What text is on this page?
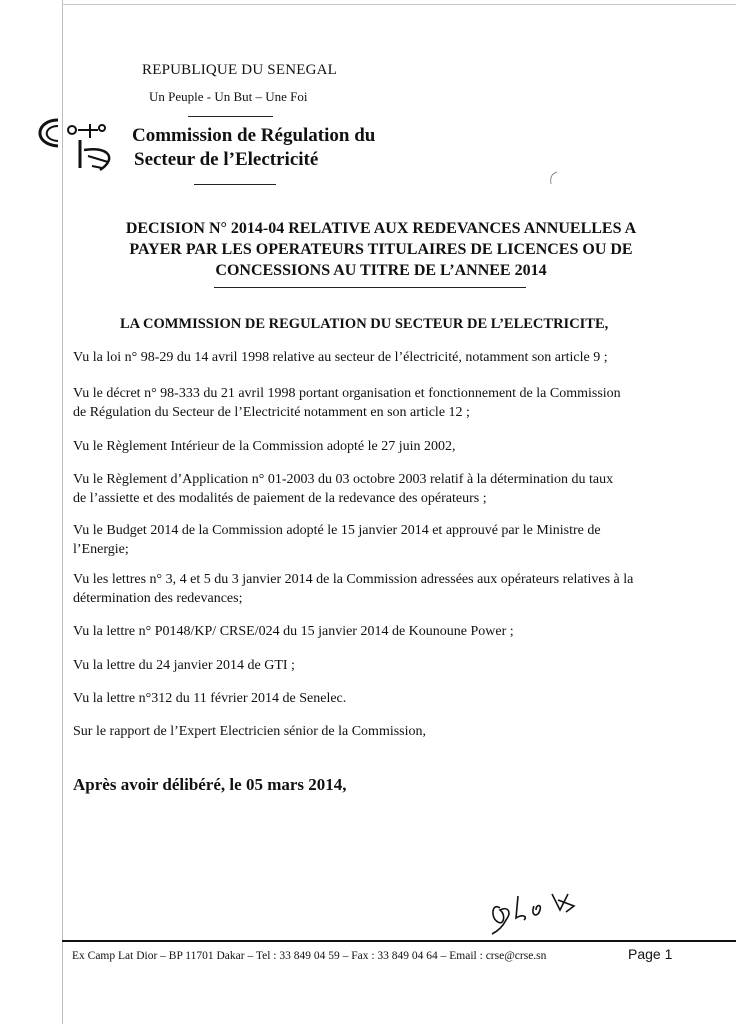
REPUBLIQUE DU SENEGAL
Un Peuple - Un But – Une Foi
Commission de Régulation du
Secteur de l’Electricité
DECISION N° 2014-04 RELATIVE AUX REDEVANCES ANNUELLES A
PAYER PAR LES OPERATEURS TITULAIRES DE LICENCES OU DE
CONCESSIONS AU TITRE DE L’ANNEE 2014
LA COMMISSION DE REGULATION DU SECTEUR DE L’ELECTRICITE,
Vu la loi n° 98-29 du 14 avril 1998 relative au secteur de l’électricité, notamment son article 9 ;
Vu le décret n° 98-333 du 21 avril 1998 portant organisation et fonctionnement de la Commission
de Régulation du Secteur de l’Electricité notamment en son article 12 ;
Vu le Règlement Intérieur de la Commission adopté le 27 juin 2002,
Vu le Règlement d’Application n° 01-2003 du 03 octobre 2003 relatif à la détermination du taux
de l’assiette et des modalités de paiement de la redevance des opérateurs ;
Vu le Budget 2014 de la Commission adopté le 15 janvier 2014 et approuvé par le Ministre de
l’Energie;
Vu les lettres n° 3, 4 et 5 du 3 janvier 2014 de la Commission adressées aux opérateurs relatives à la
détermination des redevances;
Vu la lettre n° P0148/KP/ CRSE/024 du 15 janvier 2014 de Kounoune Power ;
Vu la lettre du 24 janvier 2014 de GTI ;
Vu la lettre n°312 du 11 février 2014 de Senelec.
Sur le rapport de l’Expert Electricien sénior de la Commission,
Après avoir délibéré, le 05 mars 2014,
Ex Camp Lat Dior – BP 11701 Dakar – Tel : 33 849 04 59 – Fax : 33 849 04 64 – Email : crse@crse.sn	Page 1
